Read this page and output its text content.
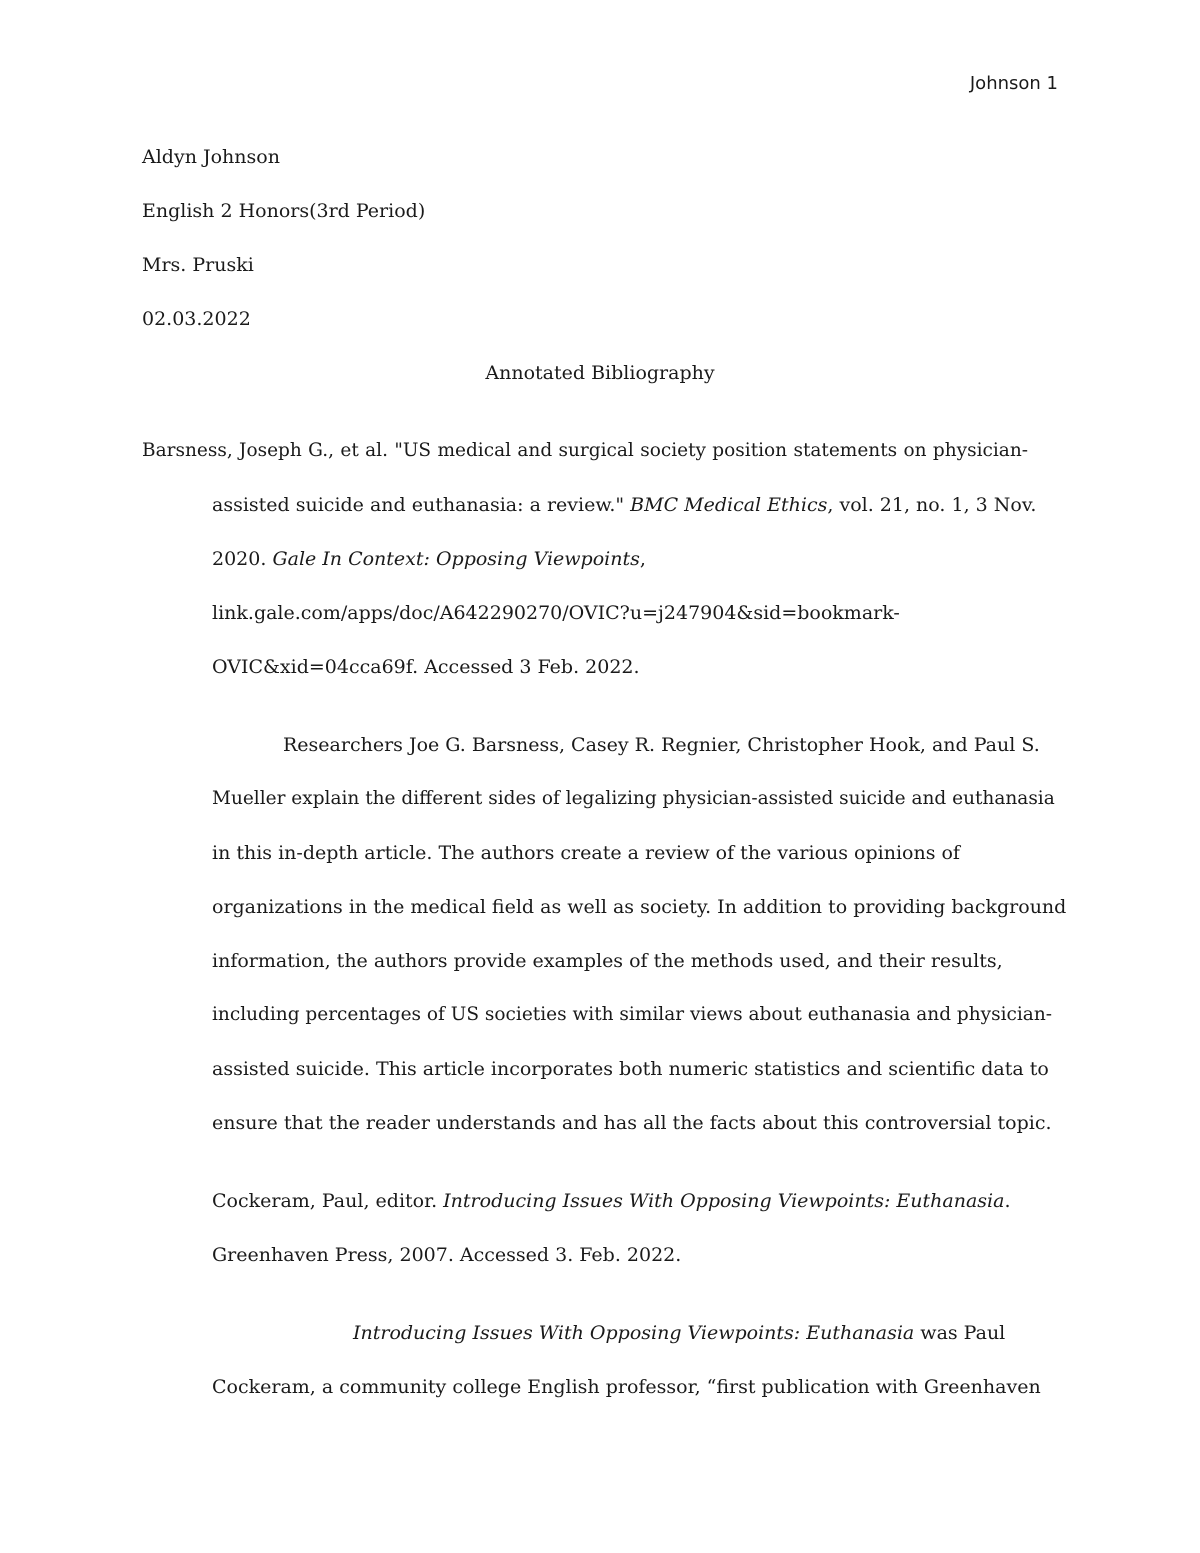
Johnson 1
Aldyn Johnson
English 2 Honors(3rd Period)
Mrs. Pruski
02.03.2022
Annotated Bibliography
Barsness, Joseph G., et al. "US medical and surgical society position statements on physician-
assisted suicide and euthanasia: a review." BMC Medical Ethics, vol. 21, no. 1, 3 Nov.
2020. Gale In Context: Opposing Viewpoints,
link.gale.com/apps/doc/A642290270/OVIC?u=j247904&sid=bookmark-
OVIC&xid=04cca69f. Accessed 3 Feb. 2022.
Researchers Joe G. Barsness, Casey R. Regnier, Christopher Hook, and Paul S.
Mueller explain the different sides of legalizing physician-assisted suicide and euthanasia
in this in-depth article. The authors create a review of the various opinions of
organizations in the medical field as well as society. In addition to providing background
information, the authors provide examples of the methods used, and their results,
including percentages of US societies with similar views about euthanasia and physician-
assisted suicide. This article incorporates both numeric statistics and scientific data to
ensure that the reader understands and has all the facts about this controversial topic.
Cockeram, Paul, editor. Introducing Issues With Opposing Viewpoints: Euthanasia.
Greenhaven Press, 2007. Accessed 3. Feb. 2022.
Introducing Issues With Opposing Viewpoints: Euthanasia was Paul
Cockeram, a community college English professor, “first publication with Greenhaven
